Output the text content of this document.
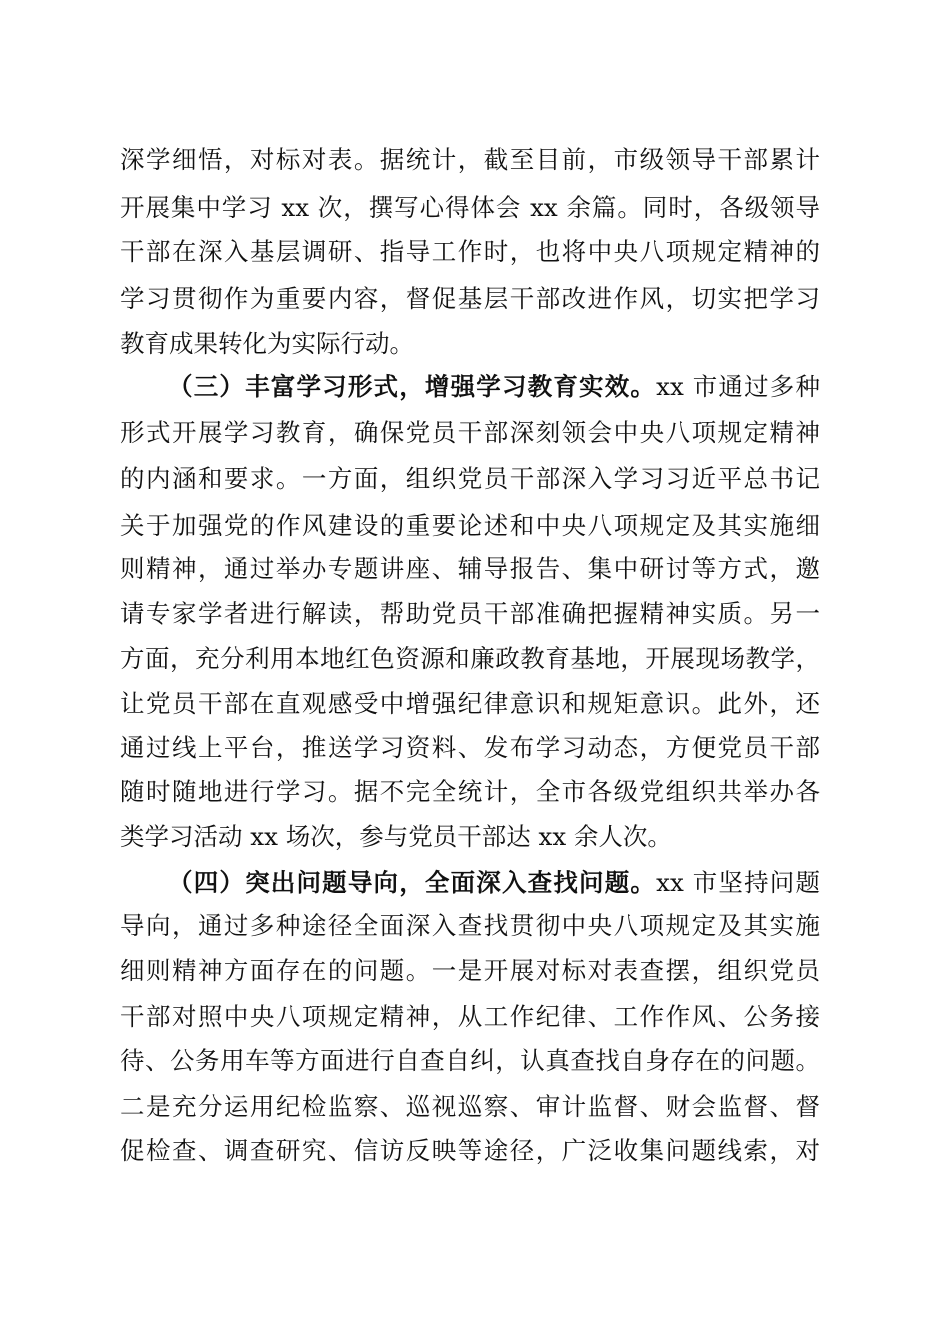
深学细悟，对标对表。据统计，截至目前，市级领导干部累计
开展集中学习 xx 次，撰写心得体会 xx 余篇。同时，各级领导
干部在深入基层调研、指导工作时，也将中央八项规定精神的
学习贯彻作为重要内容，督促基层干部改进作风，切实把学习
教育成果转化为实际行动。
（三）丰富学习形式，增强学习教育实效。xx 市通过多种
形式开展学习教育，确保党员干部深刻领会中央八项规定精神
的内涵和要求。一方面，组织党员干部深入学习习近平总书记
关于加强党的作风建设的重要论述和中央八项规定及其实施细
则精神，通过举办专题讲座、辅导报告、集中研讨等方式，邀
请专家学者进行解读，帮助党员干部准确把握精神实质。另一
方面，充分利用本地红色资源和廉政教育基地，开展现场教学，
让党员干部在直观感受中增强纪律意识和规矩意识。此外，还
通过线上平台，推送学习资料、发布学习动态，方便党员干部
随时随地进行学习。据不完全统计，全市各级党组织共举办各
类学习活动 xx 场次，参与党员干部达 xx 余人次。
（四）突出问题导向，全面深入查找问题。xx 市坚持问题
导向，通过多种途径全面深入查找贯彻中央八项规定及其实施
细则精神方面存在的问题。一是开展对标对表查摆，组织党员
干部对照中央八项规定精神，从工作纪律、工作作风、公务接
待、公务用车等方面进行自查自纠，认真查找自身存在的问题。
二是充分运用纪检监察、巡视巡察、审计监督、财会监督、督
促检查、调查研究、信访反映等途径，广泛收集问题线索，对
